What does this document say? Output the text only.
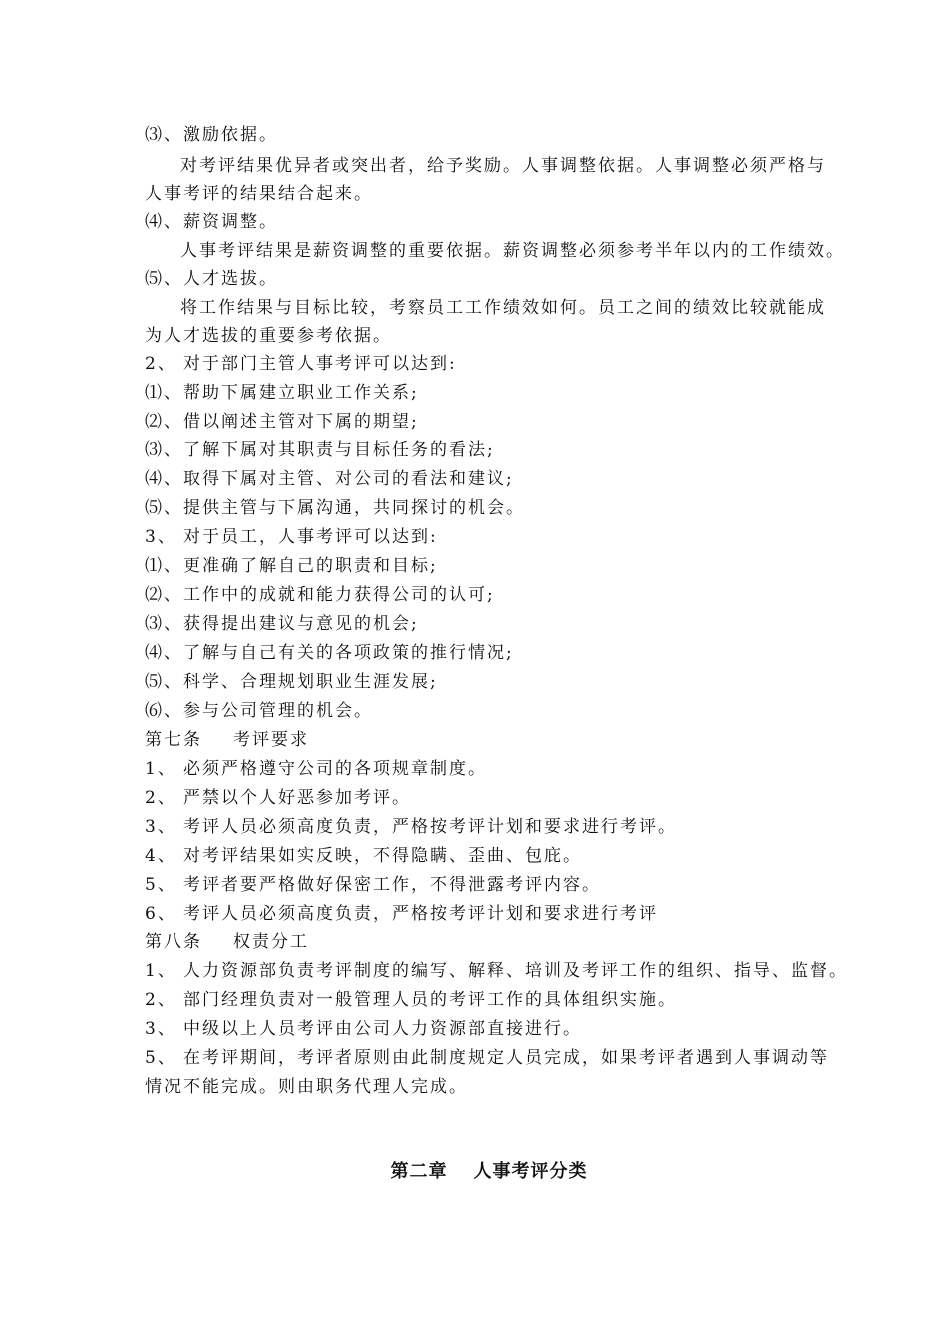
⑶、激励依据。
对考评结果优异者或突出者，给予奖励。人事调整依据。人事调整必须严格与
人事考评的结果结合起来。
⑷、薪资调整。
人事考评结果是薪资调整的重要依据。薪资调整必须参考半年以内的工作绩效。
⑸、人才选拔。
将工作结果与目标比较，考察员工工作绩效如何。员工之间的绩效比较就能成
为人才选拔的重要参考依据。
2、 对于部门主管人事考评可以达到:
⑴、帮助下属建立职业工作关系;
⑵、借以阐述主管对下属的期望;
⑶、了解下属对其职责与目标任务的看法;
⑷、取得下属对主管、对公司的看法和建议;
⑸、提供主管与下属沟通，共同探讨的机会。
3、 对于员工，人事考评可以达到:
⑴、更准确了解自己的职责和目标;
⑵、工作中的成就和能力获得公司的认可;
⑶、获得提出建议与意见的机会;
⑷、了解与自己有关的各项政策的推行情况;
⑸、科学、合理规划职业生涯发展;
⑹、参与公司管理的机会。
第七条 考评要求
1、 必须严格遵守公司的各项规章制度。
2、 严禁以个人好恶参加考评。
3、 考评人员必须高度负责，严格按考评计划和要求进行考评。
4、 对考评结果如实反映，不得隐瞒、歪曲、包庇。
5、 考评者要严格做好保密工作，不得泄露考评内容。
6、 考评人员必须高度负责，严格按考评计划和要求进行考评
第八条 权责分工
1、 人力资源部负责考评制度的编写、解释、培训及考评工作的组织、指导、监督。
2、 部门经理负责对一般管理人员的考评工作的具体组织实施。
3、 中级以上人员考评由公司人力资源部直接进行。
5、 在考评期间，考评者原则由此制度规定人员完成，如果考评者遇到人事调动等
情况不能完成。则由职务代理人完成。
第二章 人事考评分类
